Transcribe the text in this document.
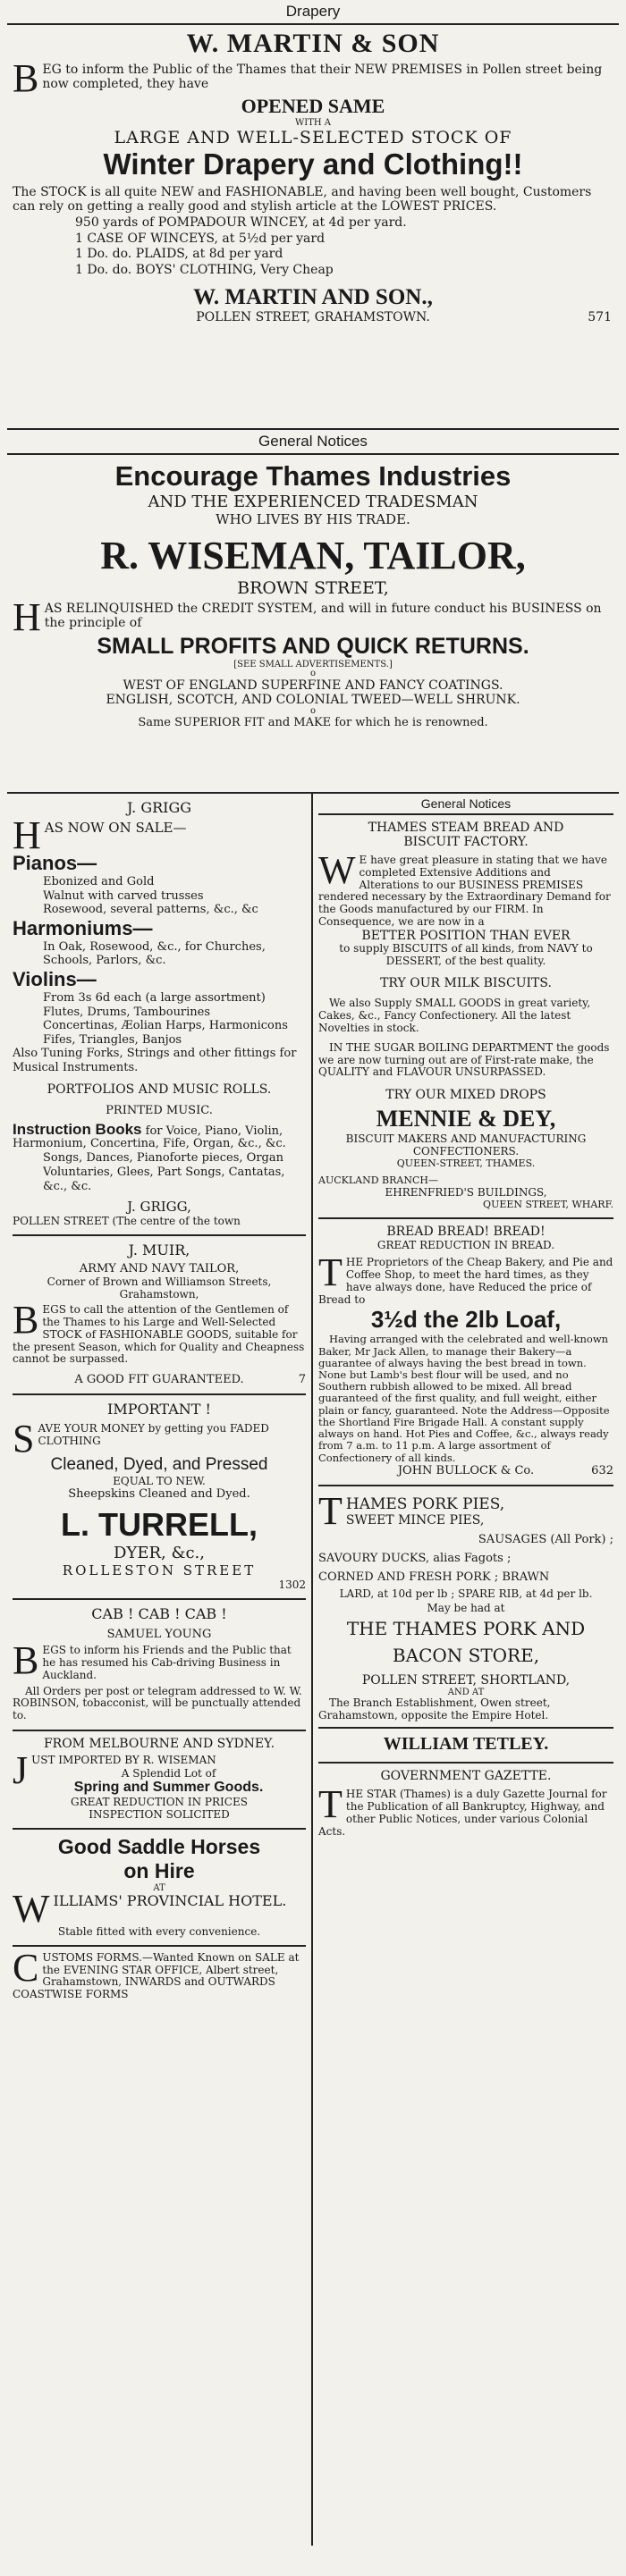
Drapery
W. MARTIN & SON

BEG to inform the Public of the Thames that their NEW PREMISES in Pollen street being now completed, they have

OPENED SAME
WITH A
LARGE AND WELL-SELECTED STOCK OF
Winter Drapery and Clothing!!

The STOCK is all quite NEW and FASHIONABLE, and having been well bought, Customers can rely on getting a really good and stylish article at the LOWEST PRICES.

950 yards of POMPADOUR WINCEY, at 4d per yard.
1 CASE OF WINCEYS, at 5½d per yard
1 Do. do. PLAIDS, at 8d per yard
1 Do. do. BOYS' CLOTHING, Very Cheap
W. MARTIN AND SON.,
POLLEN STREET, GRAHAMSTOWN.	571
General Notices
Encourage Thames Industries
AND THE EXPERIENCED TRADESMAN
WHO LIVES BY HIS TRADE.
R. WISEMAN, TAILOR,
BROWN STREET,

HAS RELINQUISHED the CREDIT SYSTEM, and will in future conduct his BUSINESS on the principle of

SMALL PROFITS AND QUICK RETURNS.
[SEE SMALL ADVERTISEMENTS.]
o
WEST OF ENGLAND SUPERFINE AND FANCY COATINGS.
ENGLISH, SCOTCH, AND COLONIAL TWEED—WELL SHRUNK.
o
Same SUPERIOR FIT and MAKE for which he is renowned.
J. GRIGG
HAS NOW ON SALE—
Pianos—
Ebonized and Gold
Walnut with carved trusses
Rosewood, several patterns, &c., &c
Harmoniums—
In Oak, Rosewood, &c., for Churches, Schools, Parlors, &c.
Violins—
From 3s 6d each (a large assortment)
Flutes, Drums, Tambourines
Concertinas, Æolian Harps, Harmonicons
Fifes, Triangles, Banjos
Also Tuning Forks, Strings and other fittings for Musical Instruments.
PORTFOLIOS AND MUSIC ROLLS.
PRINTED MUSIC.

Instruction Books for Voice, Piano, Violin, Harmonium, Concertina, Fife, Organ, &c., &c.

Songs, Dances, Pianoforte pieces, Organ Voluntaries, Glees, Part Songs, Cantatas, &c., &c.
J. GRIGG,
POLLEN STREET (The centre of the town
J. MUIR,
ARMY AND NAVY TAILOR,
Corner of Brown and Williamson Streets, Grahamstown,

BEGS to call the attention of the Gentlemen of the Thames to his Large and Well-Selected STOCK of FASHIONABLE GOODS, suitable for the present Season, which for Quality and Cheapness cannot be surpassed.

A GOOD FIT GUARANTEED.	7
IMPORTANT !

SAVE YOUR MONEY by getting you FADED CLOTHING

Cleaned, Dyed, and Pressed
EQUAL TO NEW.
Sheepskins Cleaned and Dyed.
L. TURRELL,
DYER, &c.,
ROLLESTON STREET
1302
CAB ! CAB ! CAB !
SAMUEL YOUNG

BEGS to inform his Friends and the Public that he has resumed his Cab-driving Business in Auckland.

All Orders per post or telegram addressed to W. W. ROBINSON, tobacconist, will be punctually attended to.

FROM MELBOURNE AND SYDNEY.

JUST IMPORTED BY R. WISEMAN

A Splendid Lot of
Spring and Summer Goods.
GREAT REDUCTION IN PRICES
INSPECTION SOLICITED
Good Saddle Horses
on Hire
AT

WILLIAMS' PROVINCIAL HOTEL.

Stable fitted with every convenience.

CUSTOMS FORMS.—Wanted Known on SALE at the EVENING STAR OFFICE, Albert street, Grahamstown, INWARDS and OUTWARDS COASTWISE FORMS

General Notices
THAMES STEAM BREAD AND
BISCUIT FACTORY.

W E have great pleasure in stating that we have completed Extensive Additions and Alterations to our BUSINESS PREMISES rendered necessary by the Extraordinary Demand for the Goods manufactured by our FIRM. In Consequence, we are now in a

BETTER POSITION THAN EVER

to supply BISCUITS of all kinds, from NAVY to DESSERT, of the best quality.

TRY OUR MILK BISCUITS.

We also Supply SMALL GOODS in great variety, Cakes, &c., Fancy Confectionery. All the latest Novelties in stock.

IN THE SUGAR BOILING DEPARTMENT the goods we are now turning out are of First-rate make, the QUALITY and FLAVOUR UNSURPASSED.

TRY OUR MIXED DROPS
MENNIE & DEY,
BISCUIT MAKERS AND MANUFACTURING CONFECTIONERS.
QUEEN-STREET, THAMES.
AUCKLAND BRANCH—
EHRENFRIED'S BUILDINGS,
QUEEN STREET, WHARF.
BREAD BREAD! BREAD!
GREAT REDUCTION IN BREAD.

THE Proprietors of the Cheap Bakery, and Pie and Coffee Shop, to meet the hard times, as they have always done, have Reduced the price of Bread to

3½d the 2lb Loaf,

Having arranged with the celebrated and well-known Baker, Mr Jack Allen, to manage their Bakery—a guarantee of always having the best bread in town. None but Lamb's best flour will be used, and no Southern rubbish allowed to be mixed. All bread guaranteed of the first quality, and full weight, either plain or fancy, guaranteed. Note the Address—Opposite the Shortland Fire Brigade Hall. A constant supply always on hand. Hot Pies and Coffee, &c., always ready from 7 a.m. to 11 p.m. A large assortment of Confectionery of all kinds.

JOHN BULLOCK & Co.	632
THAMES PORK PIES,
SWEET MINCE PIES,
SAUSAGES (All Pork) ;
SAVOURY DUCKS, alias Fagots ;
CORNED AND FRESH PORK ; BRAWN
LARD, at 10d per lb ; SPARE RIB, at 4d per lb.
May be had at
THE THAMES PORK AND
BACON STORE,
POLLEN STREET, SHORTLAND,
AND AT

The Branch Establishment, Owen street, Grahamstown, opposite the Empire Hotel.

WILLIAM TETLEY.
GOVERNMENT GAZETTE.

THE STAR (Thames) is a duly Gazette Journal for the Publication of all Bankruptcy, Highway, and other Public Notices, under various Colonial Acts.
